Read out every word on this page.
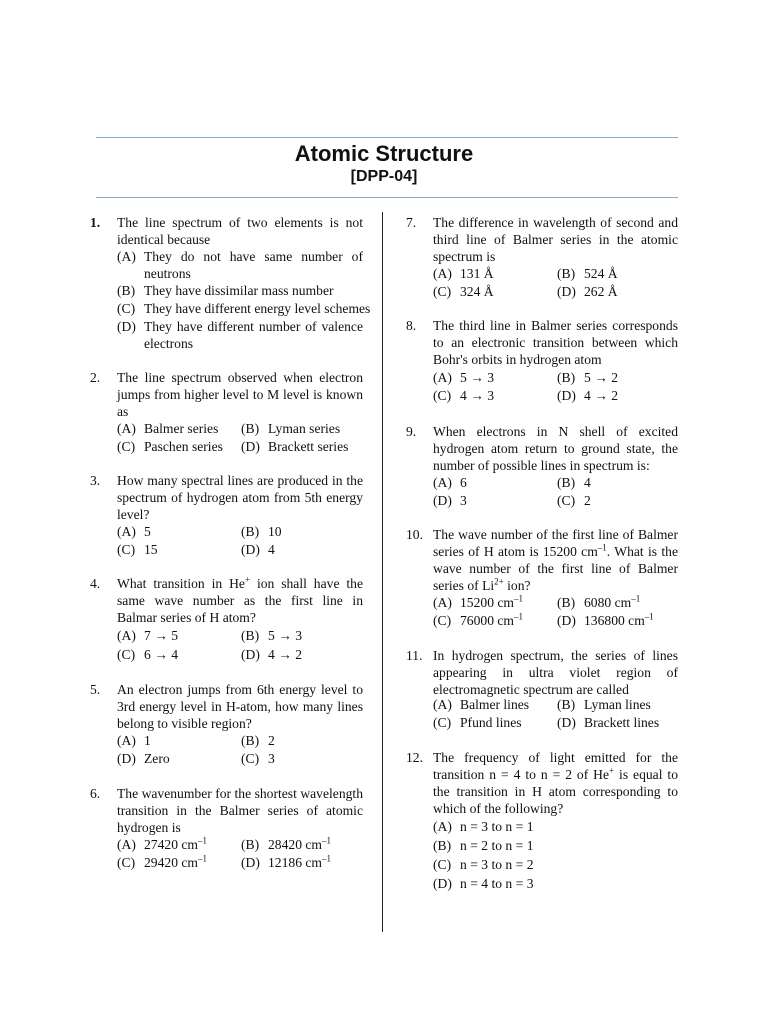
Atomic Structure
[DPP-04]
1. The line spectrum of two elements is not identical because
(A) They do not have same number of neutrons
(B) They have dissimilar mass number
(C) They have different energy level schemes
(D) They have different number of valence electrons
2. The line spectrum observed when electron jumps from higher level to M level is known as
(A) Balmer series (B) Lyman series
(C) Paschen series (D) Brackett series
3. How many spectral lines are produced in the spectrum of hydrogen atom from 5th energy level?
(A) 5	(B) 10
(C) 15	(D) 4
4. What transition in He+ ion shall have the same wave number as the first line in Balmar series of H atom?
(A) 7 → 5	(B) 5 → 3
(C) 6 → 4	(D) 4 → 2
5. An electron jumps from 6th energy level to 3rd energy level in H-atom, how many lines belong to visible region?
(A) 1	(B) 2
(D) Zero	(C) 3
6. The wavenumber for the shortest wavelength transition in the Balmer series of atomic hydrogen is
(A) 27420 $cm^{-1}$	(B) 28420 $cm^{-1}$
(C) 29420 $cm^{-1}$	(D) 12186 $cm^{-1}$
7. The difference in wavelength of second and third line of Balmer series in the atomic spectrum is
(A) 131 Å	(B) 524 Å
(C) 324 Å	(D) 262 Å
8. The third line in Balmer series corresponds to an electronic transition between which Bohr's orbits in hydrogen atom
(A) 5 → 3	(B) 5 → 2
(C) 4 → 3	(D) 4 → 2
9. When electrons in N shell of excited hydrogen atom return to ground state, the number of possible lines in spectrum is:
(A) 6	(B) 4
(D) 3	(C) 2
10. The wave number of the first line of Balmer
series of H atom is 15200 $cm^{-1}$. What is the
wave number of the first line of Balmer
series of $Li^{2+}$ ion?
(A) 15200 $cm^{-1}$	(B) 6080 $cm^{-1}$
(C) 76000 $cm^{-1}$	(D) 136800 $cm^{-1}$
11. In hydrogen spectrum, the series of lines appearing in ultra violet region of electromagnetic spectrum are called
(A) Balmer lines (B) Lyman lines
(C) Pfund lines	(D) Brackett lines
12. The frequency of light emitted for the transition n = 4 to n = 2 of He+ is equal to the transition in H atom corresponding to which of the following?
(A) n = 3 to n = 1
(B) n = 2 to n = 1
(C) n = 3 to n = 2
(D) n = 4 to n = 3
